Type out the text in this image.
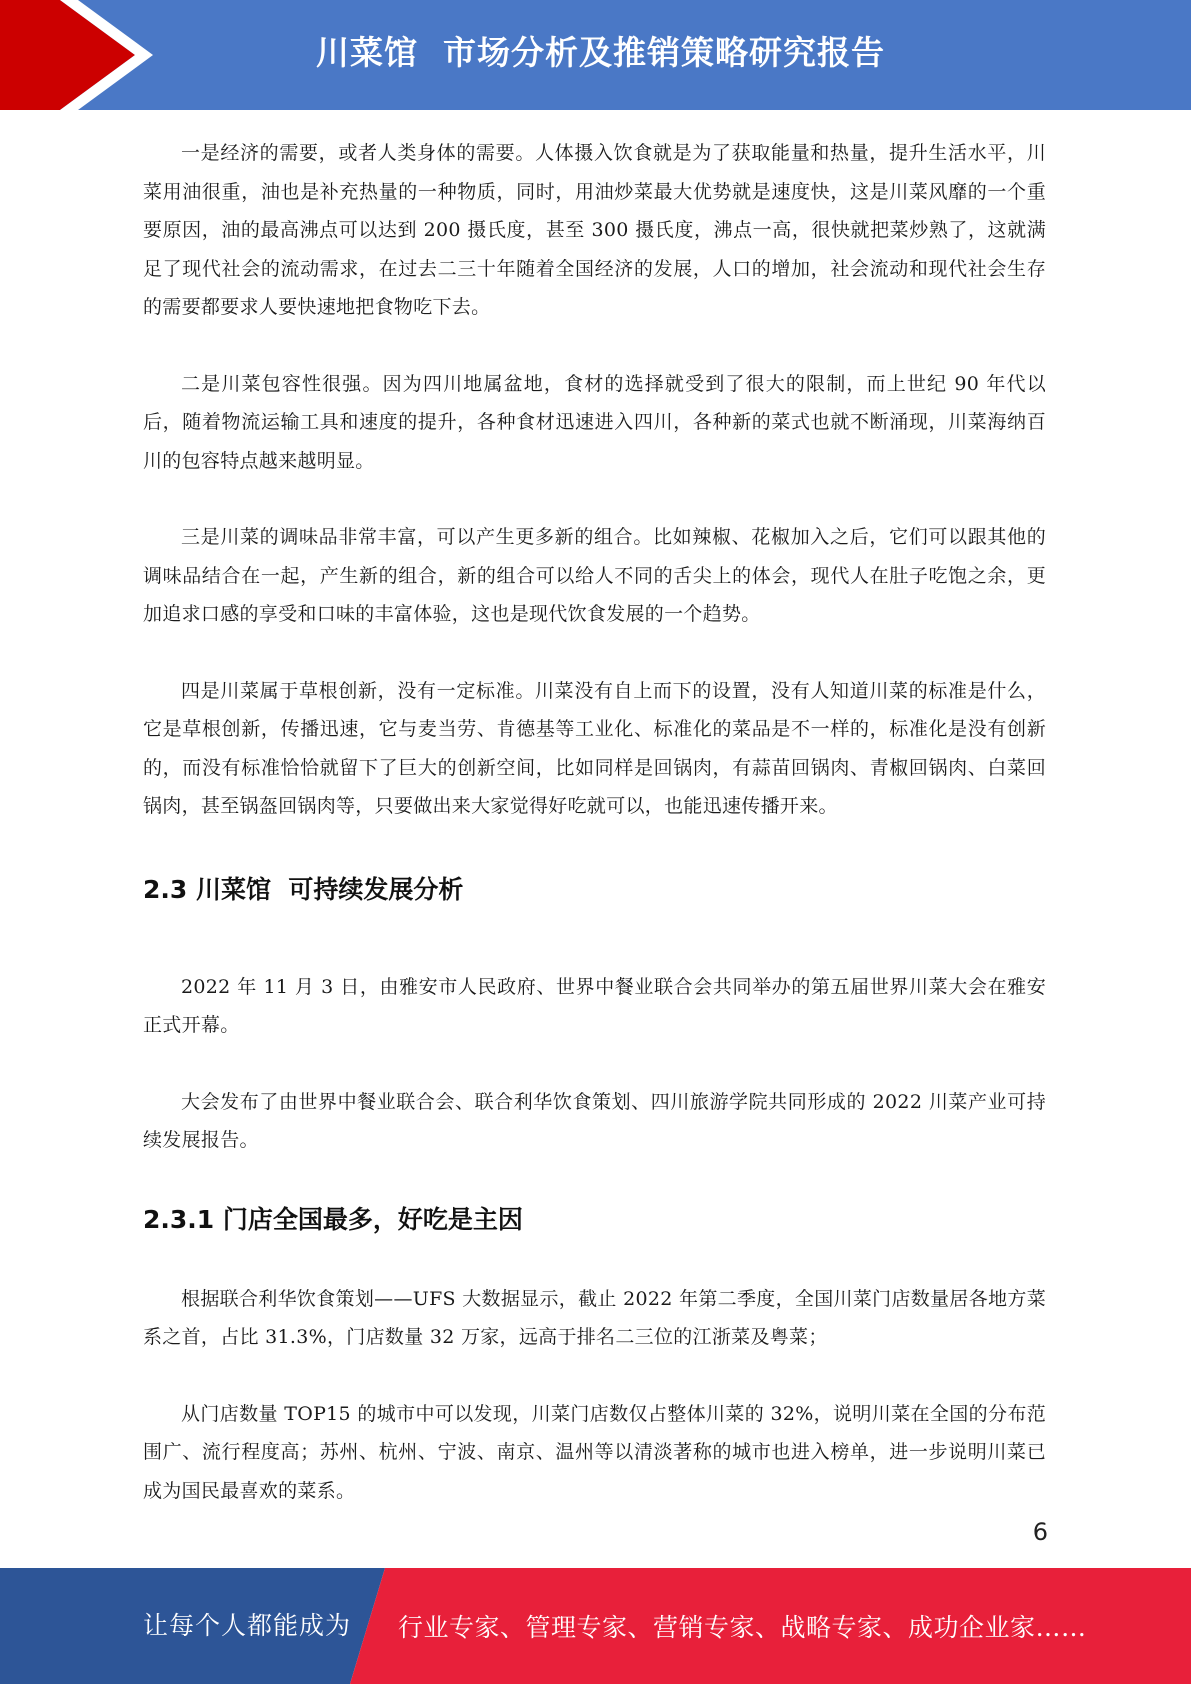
川菜馆  市场分析及推销策略研究报告

一是经济的需要，或者人类身体的需要。人体摄入饮食就是为了获取能量和热量，提升生活水平，川菜用油很重，油也是补充热量的一种物质，同时，用油炒菜最大优势就是速度快，这是川菜风靡的一个重要原因，油的最高沸点可以达到 200 摄氏度，甚至 300 摄氏度，沸点一高，很快就把菜炒熟了，这就满足了现代社会的流动需求，在过去二三十年随着全国经济的发展，人口的增加，社会流动和现代社会生存的需要都要求人要快速地把食物吃下去。

二是川菜包容性很强。因为四川地属盆地，食材的选择就受到了很大的限制，而上世纪 90 年代以后，随着物流运输工具和速度的提升，各种食材迅速进入四川，各种新的菜式也就不断涌现，川菜海纳百川的包容特点越来越明显。

三是川菜的调味品非常丰富，可以产生更多新的组合。比如辣椒、花椒加入之后，它们可以跟其他的调味品结合在一起，产生新的组合，新的组合可以给人不同的舌尖上的体会，现代人在肚子吃饱之余，更加追求口感的享受和口味的丰富体验，这也是现代饮食发展的一个趋势。

四是川菜属于草根创新，没有一定标准。川菜没有自上而下的设置，没有人知道川菜的标准是什么，它是草根创新，传播迅速，它与麦当劳、肯德基等工业化、标准化的菜品是不一样的，标准化是没有创新的，而没有标准恰恰就留下了巨大的创新空间，比如同样是回锅肉，有蒜苗回锅肉、青椒回锅肉、白菜回锅肉，甚至锅盔回锅肉等，只要做出来大家觉得好吃就可以，也能迅速传播开来。

2.3 川菜馆  可持续发展分析

2022 年 11 月 3 日，由雅安市人民政府、世界中餐业联合会共同举办的第五届世界川菜大会在雅安正式开幕。

大会发布了由世界中餐业联合会、联合利华饮食策划、四川旅游学院共同形成的 2022 川菜产业可持续发展报告。

2.3.1 门店全国最多，好吃是主因

根据联合利华饮食策划——UFS 大数据显示，截止 2022 年第二季度，全国川菜门店数量居各地方菜系之首，占比 31.3%，门店数量 32 万家，远高于排名二三位的江浙菜及粤菜；

从门店数量 TOP15 的城市中可以发现，川菜门店数仅占整体川菜的 32%，说明川菜在全国的分布范围广、流行程度高；苏州、杭州、宁波、南京、温州等以清淡著称的城市也进入榜单，进一步说明川菜已成为国民最喜欢的菜系。

6
让每个人都能成为 行业专家、管理专家、营销专家、战略专家、成功企业家……
